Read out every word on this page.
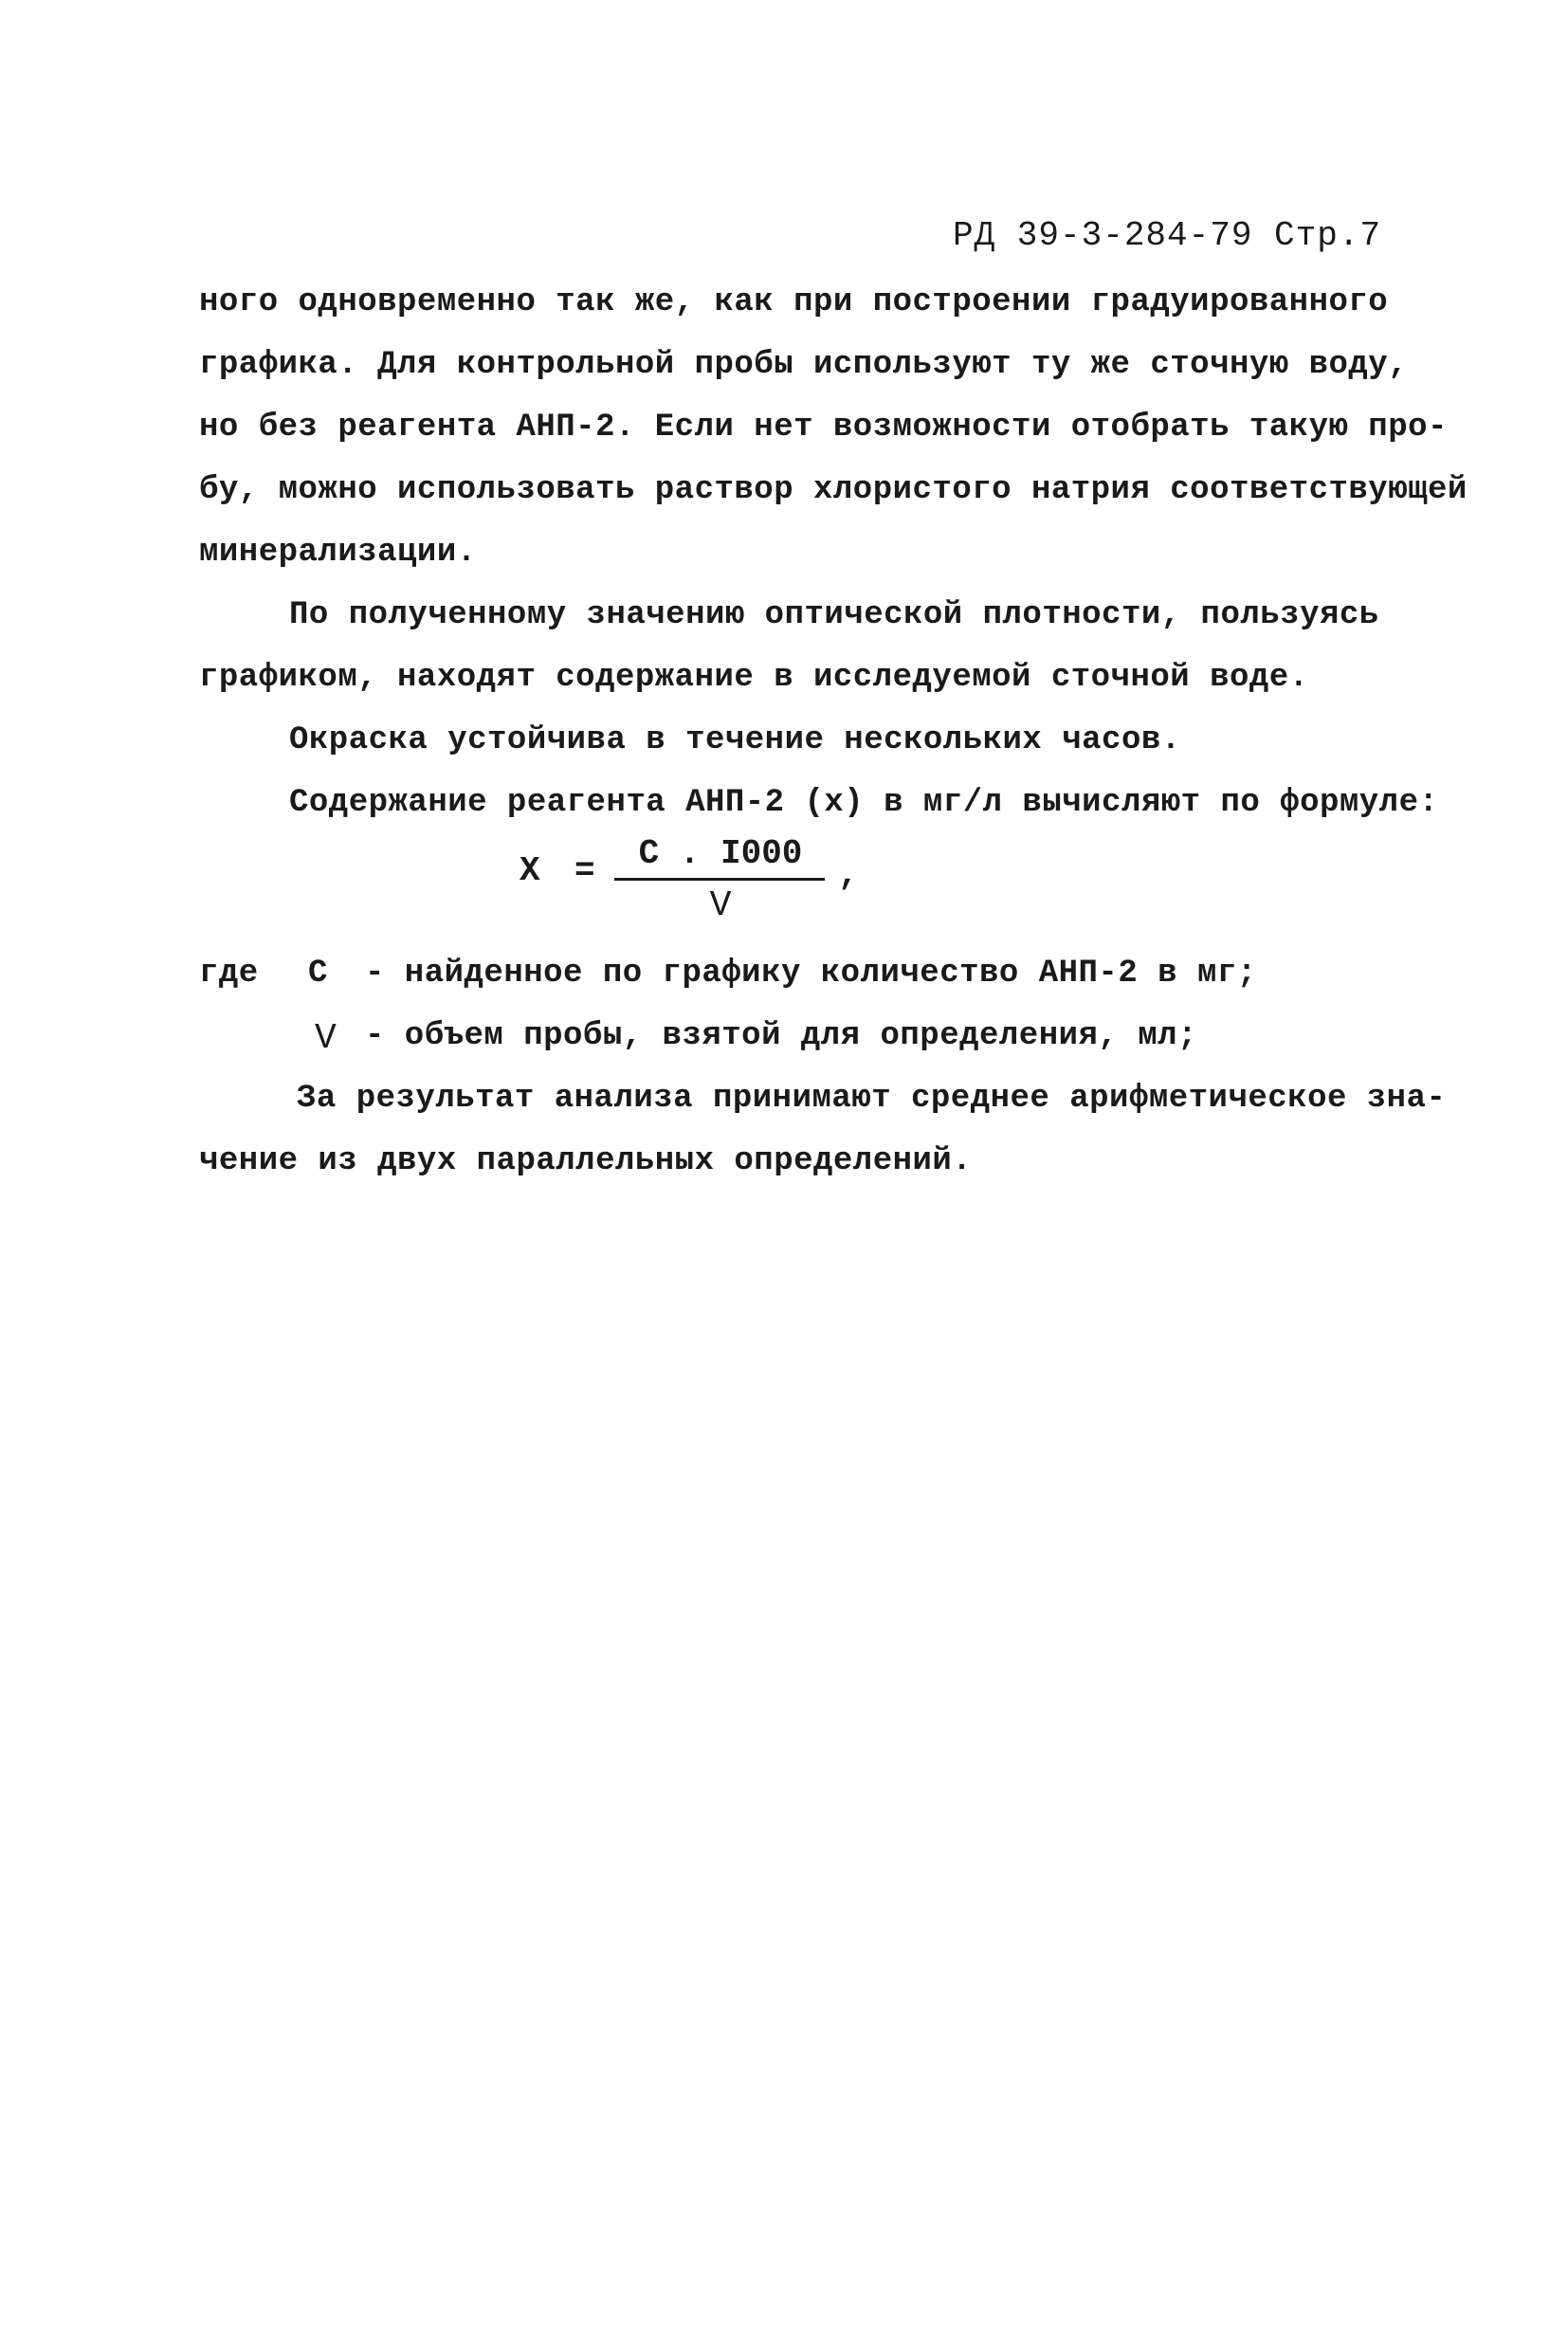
РД 39-3-284-79 Стр.7
ного одновременно так же, как при построении градуированного
графика. Для контрольной пробы используют ту же сточную воду,
но без реагента АНП-2. Если нет возможности отобрать такую про-
бу, можно использовать раствор хлористого натрия соответствующей
минерализации.
По полученному значению оптической плотности, пользуясь
графиком, находят содержание в исследуемой сточной воде.
Окраска устойчива в течение нескольких часов.
Содержание реагента АНП-2 (х) в мг/л вычисляют по формуле:
X =	С . I000
V
,
где С - найденное по графику количество АНП-2 в мг;
V - объем пробы, взятой для определения, мл;
За результат анализа принимают среднее арифметическое зна-
чение из двух параллельных определений.
